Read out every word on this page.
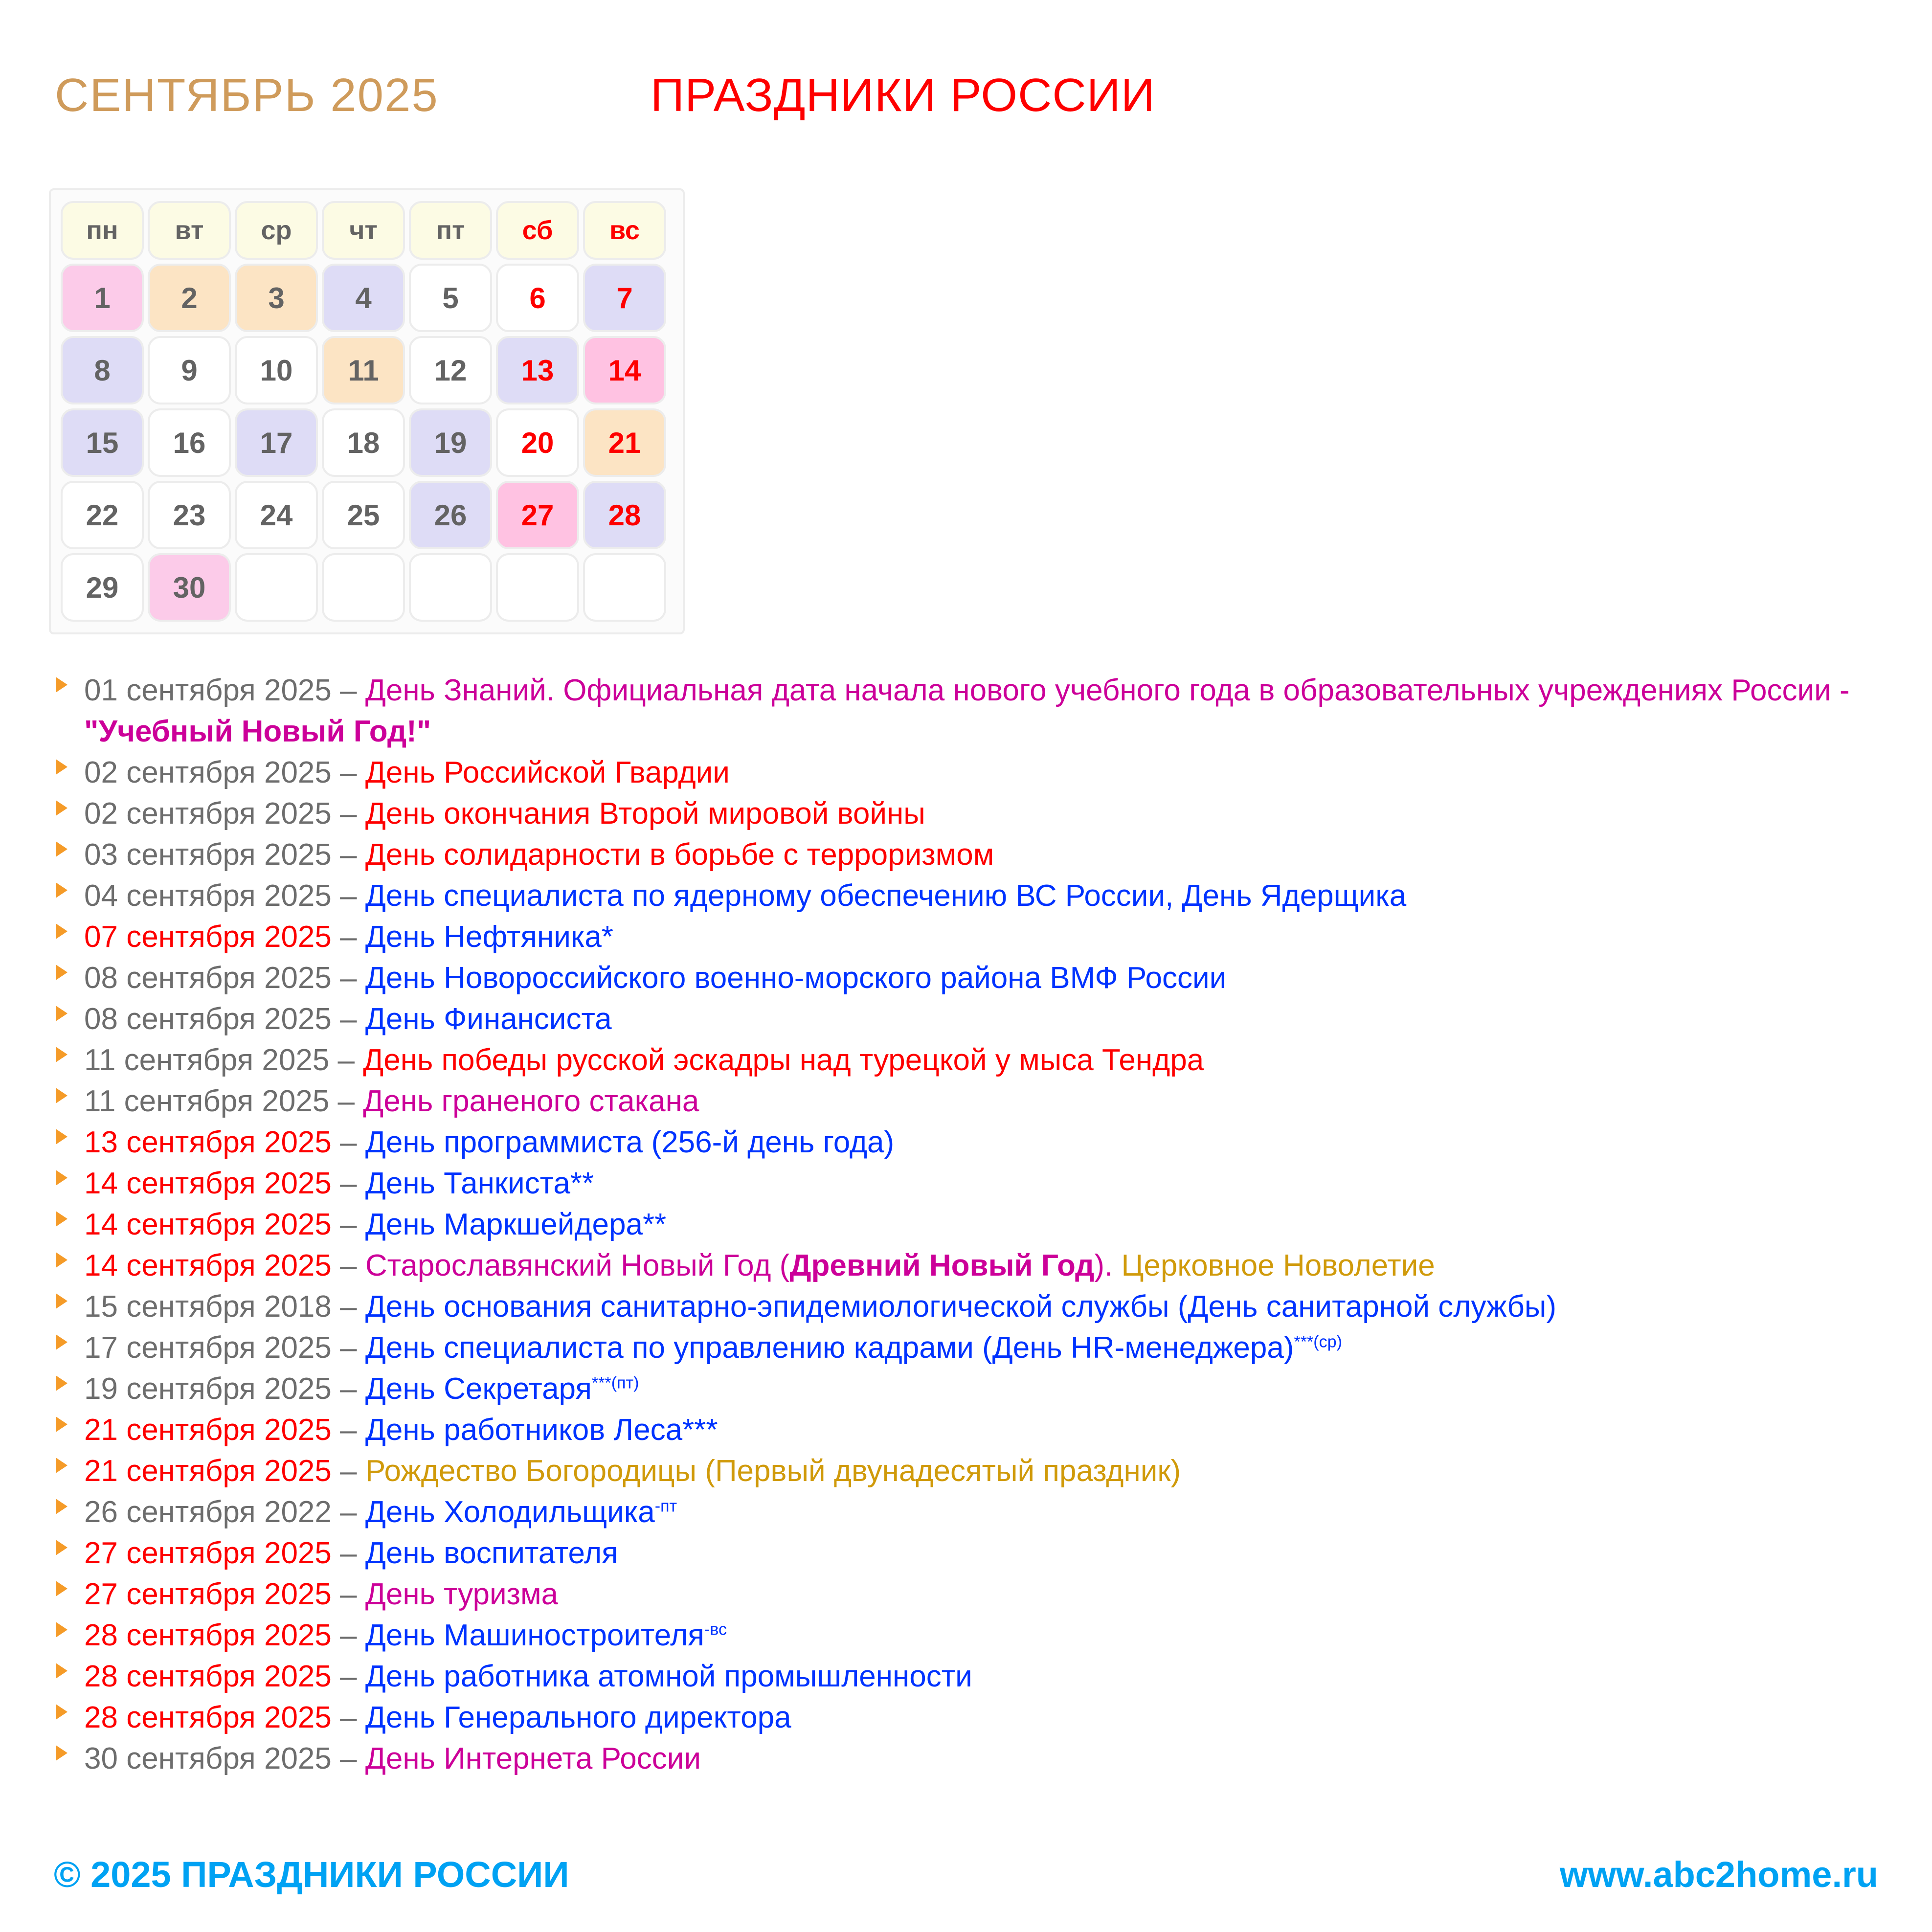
СЕНТЯБРЬ 2025	ПРАЗДНИКИ РОССИИ
пн	вт	ср	чт	пт	сб	вс
1	2	3	4	5	6	7
8	9	10	11	12	13	14
15	16	17	18	19	20	21
22	23	24	25	26	27	28
29	30
01 сентября 2025 – День Знаний. Официальная дата начала нового учебного года в образовательных учреждениях России - "Учебный Новый Год!"
02 сентября 2025 – День Российской Гвардии
02 сентября 2025 – День окончания Второй мировой войны
03 сентября 2025 – День солидарности в борьбе с терроризмом
04 сентября 2025 – День специалиста по ядерному обеспечению ВС России, День Ядерщика
07 сентября 2025 – День Нефтяника*
08 сентября 2025 – День Новороссийского военно-морского района ВМФ России
08 сентября 2025 – День Финансиста
11 сентября 2025 – День победы русской эскадры над турецкой у мыса Тендра
11 сентября 2025 – День граненого стакана
13 сентября 2025 – День программиста (256-й день года)
14 сентября 2025 – День Танкиста**
14 сентября 2025 – День Маркшейдера**
14 сентября 2025 – Старославянский Новый Год (Древний Новый Год). Церковное Новолетие
15 сентября 2018 – День основания санитарно-эпидемиологической службы (День санитарной службы)
17 сентября 2025 – День специалиста по управлению кадрами (День HR-менеджера)$^{***(ср)}$
19 сентября 2025 – День Секретаря$^{***(пт)}$
21 сентября 2025 – День работников Леса***
21 сентября 2025 – Рождество Богородицы (Первый двунадесятый праздник)
26 сентября 2022 – День Холодильщика$^{-пт}$
27 сентября 2025 – День воспитателя
27 сентября 2025 – День туризма
28 сентября 2025 – День Машиностроителя$^{-вс}$
28 сентября 2025 – День работника атомной промышленности
28 сентября 2025 – День Генерального директора
30 сентября 2025 – День Интернета России
© 2025 ПРАЗДНИКИ РОССИИ	www.abc2home.ru
